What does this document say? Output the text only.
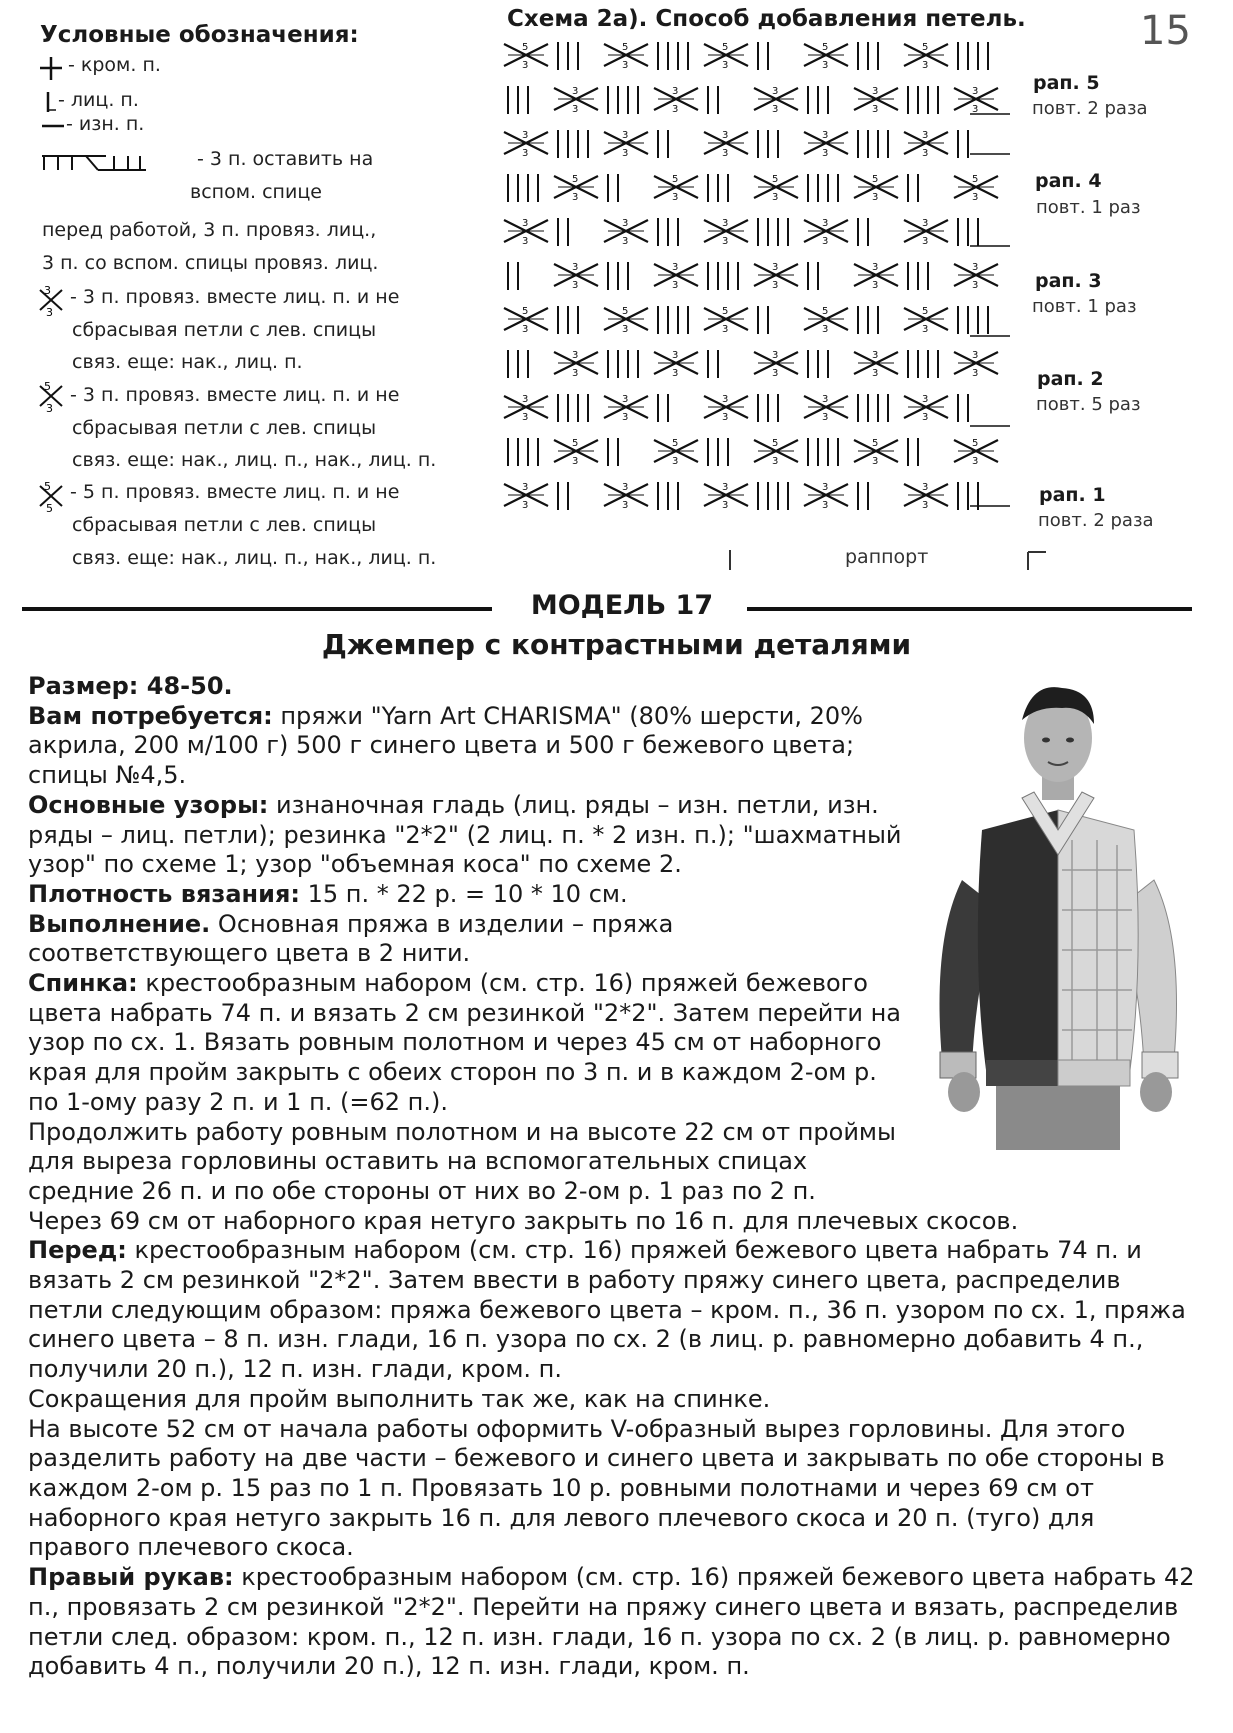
15
Условные обозначения:
3
3
5
3
5
5
- кром. п.
- лиц. п.
- изн. п.
- 3 п. оставить на
вспом. спице
перед работой, 3 п. провяз. лиц.,
3 п. со вспом. спицы провяз. лиц.
- 3 п. провяз. вместе лиц. п. и не
сбрасывая петли с лев. спицы
связ. еще: нак., лиц. п.
- 3 п. провяз. вместе лиц. п. и не
сбрасывая петли с лев. спицы
связ. еще: нак., лиц. п., нак., лиц. п.
- 5 п. провяз. вместе лиц. п. и не
сбрасывая петли с лев. спицы
связ. еще: нак., лиц. п., нак., лиц. п.
Схема 2а). Способ добавления петель.
5
3
5
3
5
3
5
3
5
3
3
3
3
3
3
3
3
3
3
3
3
3
3
3
3
3
3
3
3
3
5
3
5
3
5
3
5
3
5
3
3
3
3
3
3
3
3
3
3
3
3
3
3
3
3
3
3
3
3
3
5
3
5
3
5
3
5
3
5
3
3
3
3
3
3
3
3
3
3
3
3
3
3
3
3
3
3
3
3
3
5
3
5
3
5
3
5
3
5
3
3
3
3
3
3
3
3
3
3
3
рап. 5
повт. 2 раза
рап. 4
повт. 1 раз
рап. 3
повт. 1 раз
рап. 2
повт. 5 раз
рап. 1
повт. 2 раза
раппорт
МОДЕЛЬ 17
Джемпер с контрастными деталями

Размер: 48-50.

Вам потребуется: пряжи "Yarn Art CHARISMA" (80% шерсти, 20% акрила, 200 м/100 г) 500 г синего цвета и 500 г бежевого цвета; спицы №4,5.

Основные узоры: изнаночная гладь (лиц. ряды – изн. петли, изн. ряды – лиц. петли); резинка "2*2" (2 лиц. п. * 2 изн. п.); "шахматный узор" по схеме 1; узор "объемная коса" по схеме 2.

Плотность вязания: 15 п. * 22 р. = 10 * 10 см.

Выполнение. Основная пряжа в изделии – пряжа соответствующего цвета в 2 нити.

Спинка: крестообразным набором (см. стр. 16) пряжей бежевого цвета набрать 74 п. и вязать 2 см резинкой "2*2". Затем перейти на узор по сх. 1. Вязать ровным полотном и через 45 см от наборного края для пройм закрыть с обеих сторон по 3 п. и в каждом 2-ом р. по 1-ому разу 2 п. и 1 п. (=62 п.).

Продолжить работу ровным полотном и на высоте 22 см от проймы для выреза горловины оставить на вспомогательных спицах средние 26 п. и по обе стороны от них во 2-ом р. 1 раз по 2 п.

Через 69 см от наборного края нетуго закрыть по 16 п. для плечевых скосов.

Перед: крестообразным набором (см. стр. 16) пряжей бежевого цвета набрать 74 п. и вязать 2 см резинкой "2*2". Затем ввести в работу пряжу синего цвета, распределив петли следующим образом: пряжа бежевого цвета – кром. п., 36 п. узором по сх. 1, пряжа синего цвета – 8 п. изн. глади, 16 п. узора по сх. 2 (в лиц. р. равномерно добавить 4 п., получили 20 п.), 12 п. изн. глади, кром. п.

Сокращения для пройм выполнить так же, как на спинке.

На высоте 52 см от начала работы оформить V-образный вырез горловины. Для этого разделить работу на две части – бежевого и синего цвета и закрывать по обе стороны в каждом 2-ом р. 15 раз по 1 п. Провязать 10 р. ровными полотнами и через 69 см от наборного края нетуго закрыть 16 п. для левого плечевого скоса и 20 п. (туго) для правого плечевого скоса.

Правый рукав: крестообразным набором (см. стр. 16) пряжей бежевого цвета набрать 42 п., провязать 2 см резинкой "2*2". Перейти на пряжу синего цвета и вязать, распределив петли след. образом: кром. п., 12 п. изн. глади, 16 п. узора по сх. 2 (в лиц. р. равномерно добавить 4 п., получили 20 п.), 12 п. изн. глади, кром. п.
